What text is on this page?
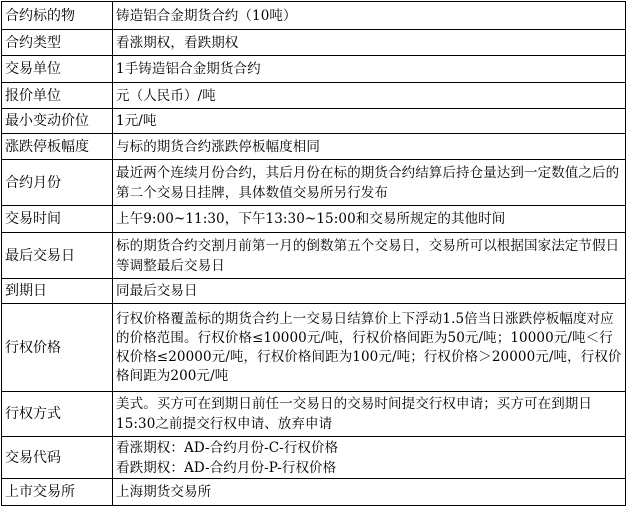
合约标的物	铸造铝合金期货合约（10吨）
合约类型	看涨期权，看跌期权
交易单位	1手铸造铝合金期货合约
报价单位	元（人民币）/吨
最小变动价位	1元/吨
涨跌停板幅度	与标的期货合约涨跌停板幅度相同
合约月份	最近两个连续月份合约，其后月份在标的期货合约结算后持仓量达到一定数值之后的第二个交易日挂牌，具体数值交易所另行发布
交易时间	上午9:00~11:30，下午13:30~15:00和交易所规定的其他时间
最后交易日	标的期货合约交割月前第一月的倒数第五个交易日，交易所可以根据国家法定节假日等调整最后交易日
到期日	同最后交易日
行权价格	行权价格覆盖标的期货合约上一交易日结算价上下浮动1.5倍当日涨跌停板幅度对应的价格范围。行权价格≤10000元/吨，行权价格间距为50元/吨；10000元/吨＜行权价格≤20000元/吨，行权价格间距为100元/吨；行权价格＞20000元/吨，行权价格间距为200元/吨
行权方式	美式。买方可在到期日前任一交易日的交易时间提交行权申请；买方可在到期日15:30之前提交行权申请、放弃申请
交易代码	看涨期权：AD-合约月份-C-行权价格
看跌期权：AD-合约月份-P-行权价格

上市交易所	上海期货交易所
